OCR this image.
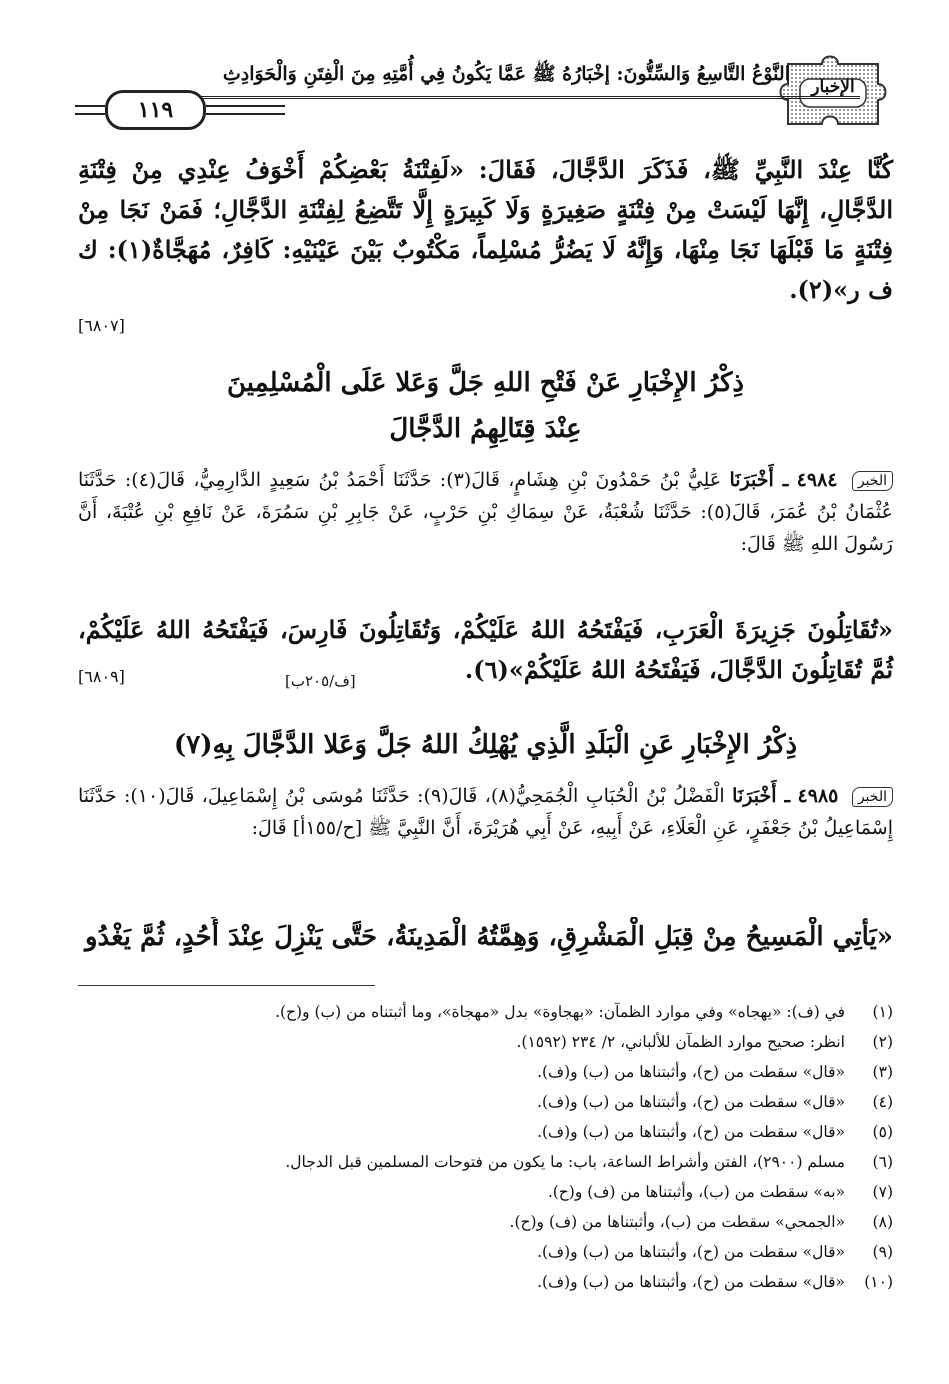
الإخبار
النَّوْعُ التَّاسِعُ وَالسِّتُّونَ: إخْبَارُهُ ﷺ عَمَّا يَكُونُ فِي أُمَّتِهِ مِنَ الْفِتَنِ وَالْحَوَادِثِ
١١٩
كُنَّا عِنْدَ النَّبِيِّ ﷺ، فَذَكَرَ الدَّجَّالَ، فَقَالَ: «لَفِتْنَةُ بَعْضِكُمْ أَخْوَفُ عِنْدِي مِنْ فِتْنَةِ الدَّجَّالِ، إِنَّهَا لَيْسَتْ مِنْ فِتْنَةٍ صَغِيرَةٍ وَلَا كَبِيرَةٍ إِلَّا تَتَّضِعُ لِفِتْنَةِ الدَّجَّالِ؛ فَمَنْ نَجَا مِنْ فِتْنَةٍ مَا قَبْلَهَا نَجَا مِنْهَا، وَإِنَّهُ لَا يَضُرُّ مُسْلِماً، مَكْتُوبٌ بَيْنَ عَيْنَيْهِ: كَافِرٌ، مُهَجَّاةٌ(١): ك ف ر»(٢).
[٦٨٠٧]
ذِكْرُ الإِخْبَارِ عَنْ فَتْحِ اللهِ جَلَّ وَعَلا عَلَى الْمُسْلِمِينَ
عِنْدَ قِتَالِهِمُ الدَّجَّالَ
الخبر ٤٩٨٤ ـ أَخْبَرَنَا عَلِيُّ بْنُ حَمْدُونَ بْنِ هِشَامٍ، قَالَ(٣): حَدَّثَنَا أَحْمَدُ بْنُ سَعِيدٍ الدَّارِمِيُّ، قَالَ(٤): حَدَّثَنَا عُثْمَانُ بْنُ عُمَرَ، قَالَ(٥): حَدَّثَنَا شُعْبَةُ، عَنْ سِمَاكِ بْنِ حَرْبٍ، عَنْ جَابِرِ بْنِ سَمُرَةَ، عَنْ نَافِعِ بْنِ عُتْبَةَ، أَنَّ رَسُولَ اللهِ ﷺ قَالَ:
«تُقَاتِلُونَ جَزِيرَةَ الْعَرَبِ، فَيَفْتَحُهُ اللهُ عَلَيْكُمْ، وَتُقَاتِلُونَ فَارِسَ، فَيَفْتَحُهُ اللهُ عَلَيْكُمْ، ثُمَّ تُقَاتِلُونَ الدَّجَّالَ، فَيَفْتَحُهُ اللهُ عَلَيْكُمْ»(٦).
[ف/٢٠٥ب]
[٦٨٠٩]
ذِكْرُ الإِخْبَارِ عَنِ الْبَلَدِ الَّذِي يُهْلِكُ اللهُ جَلَّ وَعَلا الدَّجَّالَ بِهِ(٧)
الخبر ٤٩٨٥ ـ أَخْبَرَنَا الْفَضْلُ بْنُ الْحُبَابِ الْجُمَحِيُّ(٨)، قَالَ(٩): حَدَّثَنَا مُوسَى بْنُ إِسْمَاعِيلَ، قَالَ(١٠): حَدَّثَنَا إِسْمَاعِيلُ بْنُ جَعْفَرٍ، عَنِ الْعَلَاءِ، عَنْ أَبِيهِ، عَنْ أَبِي هُرَيْرَةَ، أَنَّ النَّبِيَّ ﷺ [ح/١٥٥أ] قَالَ:
«يَأْتِي الْمَسِيحُ مِنْ قِبَلِ الْمَشْرِقِ، وَهِمَّتُهُ الْمَدِينَةُ، حَتَّى يَنْزِلَ عِنْدَ أُحُدٍ، ثُمَّ يَغْدُو
(١)
في (ف): «يهجاه» وفي موارد الظمآن: «بهجاوة» بدل «مهجاة»، وما أثبتناه من (ب) و(ح).
(٢)
انظر: صحيح موارد الظمآن للألباني، ٢/ ٢٣٤ (١٥٩٢).
(٣)
«قال» سقطت من (ح)، وأثبتناها من (ب) و(ف).
(٤)
«قال» سقطت من (ح)، وأثبتناها من (ب) و(ف).
(٥)
«قال» سقطت من (ح)، وأثبتناها من (ب) و(ف).
(٦)
مسلم (٢٩٠٠)، الفتن وأشراط الساعة، باب: ما يكون من فتوحات المسلمين قبل الدجال.
(٧)
«به» سقطت من (ب)، وأثبتناها من (ف) و(ح).
(٨)
«الجمحي» سقطت من (ب)، وأثبتناها من (ف) و(ح).
(٩)
«قال» سقطت من (ح)، وأثبتناها من (ب) و(ف).
(١٠)
«قال» سقطت من (ح)، وأثبتناها من (ب) و(ف).
